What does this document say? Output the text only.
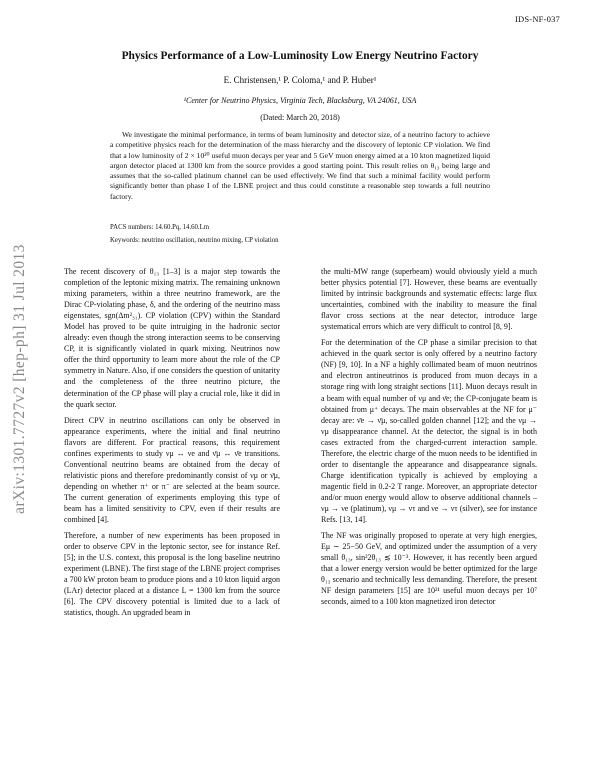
IDS-NF-037
arXiv:1301.7727v2 [hep-ph] 31 Jul 2013
Physics Performance of a Low-Luminosity Low Energy Neutrino Factory
E. Christensen,¹ P. Coloma,¹ and P. Huber¹
¹Center for Neutrino Physics, Virginia Tech, Blacksburg, VA 24061, USA
(Dated: March 20, 2018)

We investigate the minimal performance, in terms of beam luminosity and detector size, of a neutrino factory to achieve a competitive physics reach for the determination of the mass hierarchy and the discovery of leptonic CP violation. We find that a low luminosity of 2 × 10²⁰ useful muon decays per year and 5 GeV muon energy aimed at a 10 kton magnetized liquid argon detector placed at 1300 km from the source provides a good starting point. This result relies on θ₁₃ being large and assumes that the so-called platinum channel can be used effectively. We find that such a minimal facility would perform significantly better than phase I of the LBNE project and thus could constitute a reasonable step towards a full neutrino factory.

PACS numbers: 14.60.Pq, 14.60.Lm
Keywords: neutrino oscillation, neutrino mixing, CP violation

The recent discovery of θ₁₃ [1–3] is a major step towards the completion of the leptonic mixing matrix. The remaining unknown mixing parameters, within a three neutrino framework, are the Dirac CP-violating phase, δ, and the ordering of the neutrino mass eigenstates, sgn(Δm²₃₁). CP violation (CPV) within the Standard Model has proved to be quite intruiging in the hadronic sector already: even though the strong interaction seems to be conserving CP, it is significantly violated in quark mixing. Neutrinos now offer the third opportunity to learn more about the role of the CP symmetry in Nature. Also, if one considers the question of unitarity and the completeness of the three neutrino picture, the determination of the CP phase will play a crucial role, like it did in the quark sector.

Direct CPV in neutrino oscillations can only be observed in appearance experiments, where the initial and final neutrino flavors are different. For practical reasons, this requirement confines experiments to study νμ ↔ νe and ν̄μ ↔ ν̄e transitions. Conventional neutrino beams are obtained from the decay of relativistic pions and therefore predominantly consist of νμ or ν̄μ, depending on whether π⁺ or π⁻ are selected at the beam source. The current generation of experiments employing this type of beam has a limited sensitivity to CPV, even if their results are combined [4].

Therefore, a number of new experiments has been proposed in order to observe CPV in the leptonic sector, see for instance Ref. [5]; in the U.S. context, this proposal is the long baseline neutrino experiment (LBNE). The first stage of the LBNE project comprises a 700 kW proton beam to produce pions and a 10 kton liquid argon (LAr) detector placed at a distance L = 1300 km from the source [6]. The CPV discovery potential is limited due to a lack of statistics, though. An upgraded beam in

the multi-MW range (superbeam) would obviously yield a much better physics potential [7]. However, these beams are eventually limited by intrinsic backgrounds and systematic effects: large flux uncertainties, combined with the inability to measure the final flavor cross sections at the near detector, introduce large systematical errors which are very difficult to control [8, 9].

For the determination of the CP phase a similar precision to that achieved in the quark sector is only offered by a neutrino factory (NF) [9, 10]. In a NF a highly collimated beam of muon neutrinos and electron antineutrinos is produced from muon decays in a storage ring with long straight sections [11]. Muon decays result in a beam with equal number of νμ and ν̄e; the CP-conjugate beam is obtained from μ⁺ decays. The main observables at the NF for μ⁻ decay are: ν̄e → ν̄μ, so-called golden channel [12]; and the νμ → νμ disappearance channel. At the detector, the signal is in both cases extracted from the charged-current interaction sample. Therefore, the electric charge of the muon needs to be identified in order to disentangle the appearance and disappearance signals. Charge identification typically is achieved by employing a magentic field in 0.2-2 T range. Moreover, an appropriate detector and/or muon energy would allow to observe additional channels – νμ → νe (platinum), νμ → ντ and νe → ντ (silver), see for instance Refs. [13, 14].

The NF was originally proposed to operate at very high energies, Eμ ∼ 25−50 GeV, and optimized under the assumption of a very small θ₁₃, sin²2θ₁₃ ≲ 10⁻³. However, it has recently been argued that a lower energy version would be better optimized for the large θ₁₃ scenario and technically less demanding. Therefore, the present NF design parameters [15] are 10²¹ useful muon decays per 10⁷ seconds, aimed to a 100 kton magnetized iron detector
